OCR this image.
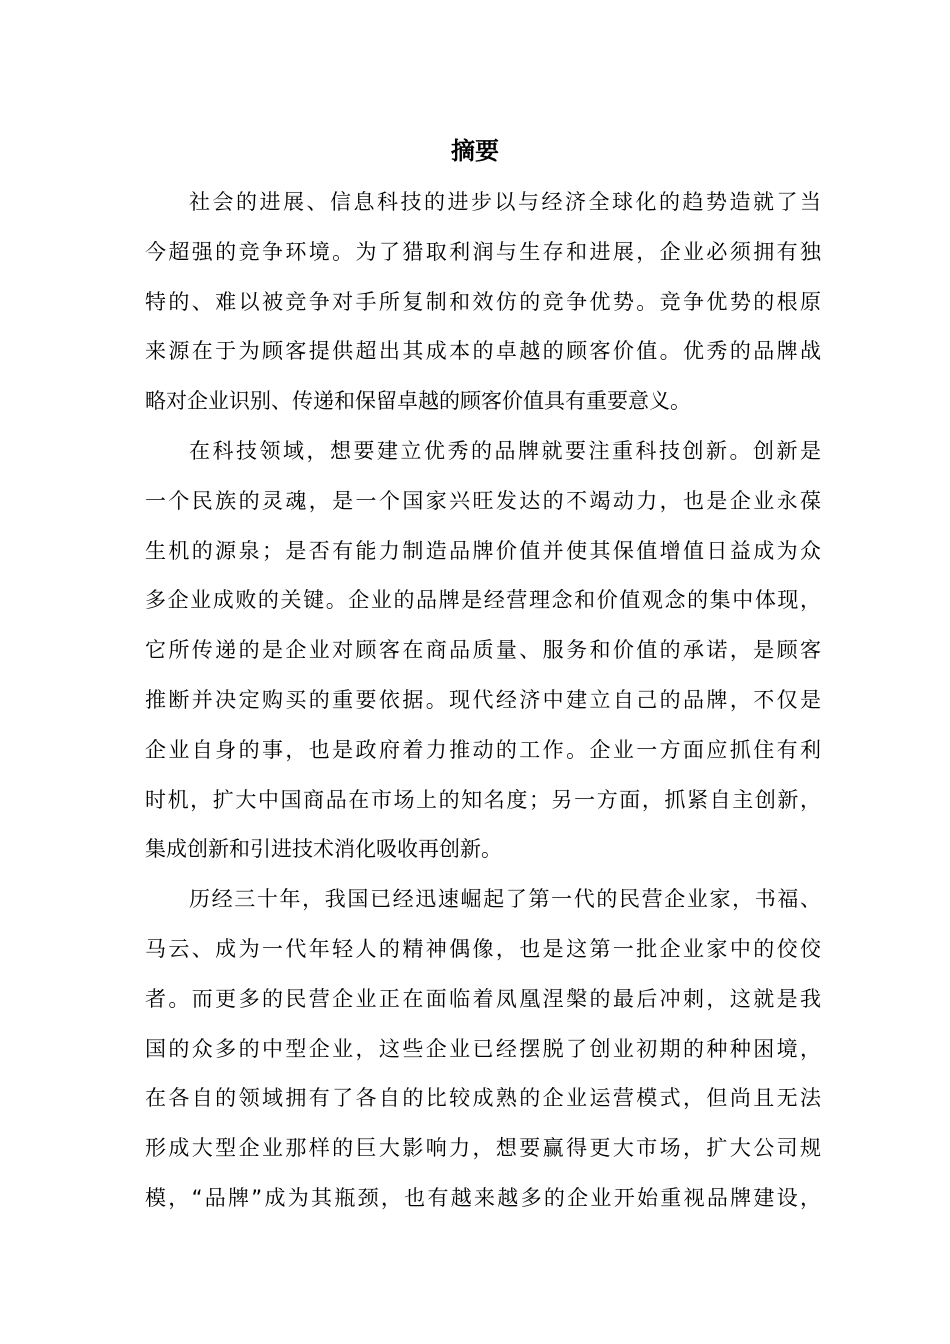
摘要
社会的进展、信息科技的进步以与经济全球化的趋势造就了当
今超强的竞争环境。为了猎取利润与生存和进展，企业必须拥有独
特的、难以被竞争对手所复制和效仿的竞争优势。竞争优势的根原
来源在于为顾客提供超出其成本的卓越的顾客价值。优秀的品牌战
略对企业识别、传递和保留卓越的顾客价值具有重要意义。
在科技领域，想要建立优秀的品牌就要注重科技创新。创新是
一个民族的灵魂，是一个国家兴旺发达的不竭动力，也是企业永葆
生机的源泉；是否有能力制造品牌价值并使其保值增值日益成为众
多企业成败的关键。企业的品牌是经营理念和价值观念的集中体现，
它所传递的是企业对顾客在商品质量、服务和价值的承诺，是顾客
推断并决定购买的重要依据。现代经济中建立自己的品牌，不仅是
企业自身的事，也是政府着力推动的工作。企业一方面应抓住有利
时机，扩大中国商品在市场上的知名度；另一方面，抓紧自主创新，
集成创新和引进技术消化吸收再创新。
历经三十年，我国已经迅速崛起了第一代的民营企业家，书福、
马云、成为一代年轻人的精神偶像，也是这第一批企业家中的佼佼
者。而更多的民营企业正在面临着凤凰涅槃的最后冲刺，这就是我
国的众多的中型企业，这些企业已经摆脱了创业初期的种种困境，
在各自的领域拥有了各自的比较成熟的企业运营模式，但尚且无法
形成大型企业那样的巨大影响力，想要赢得更大市场，扩大公司规
模，“品牌”成为其瓶颈，也有越来越多的企业开始重视品牌建设，
